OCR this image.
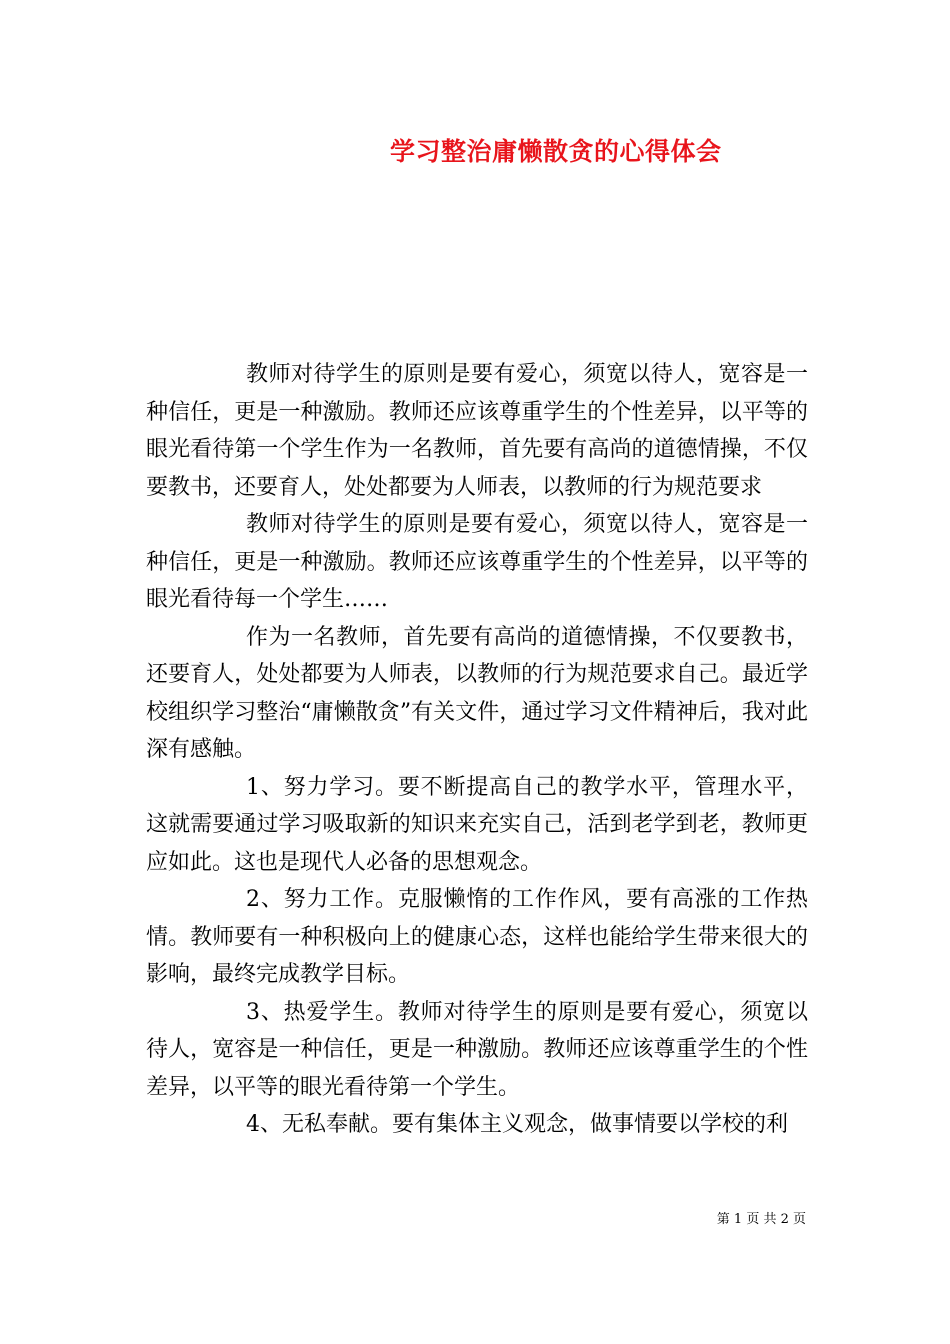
学习整治庸懒散贪的心得体会

教师对待学生的原则是要有爱心，须宽以待人，宽容是一种信任，更是一种激励。教师还应该尊重学生的个性差异，以平等的眼光看待第一个学生作为一名教师，首先要有高尚的道德情操，不仅要教书，还要育人，处处都要为人师表，以教师的行为规范要求

教师对待学生的原则是要有爱心，须宽以待人，宽容是一种信任，更是一种激励。教师还应该尊重学生的个性差异，以平等的眼光看待每一个学生……

作为一名教师，首先要有高尚的道德情操，不仅要教书，还要育人，处处都要为人师表，以教师的行为规范要求自己。最近学校组织学习整治“庸懒散贪”有关文件，通过学习文件精神后，我对此深有感触。

1、努力学习。要不断提高自己的教学水平，管理水平，这就需要通过学习吸取新的知识来充实自己，活到老学到老，教师更应如此。这也是现代人必备的思想观念。

2、努力工作。克服懒惰的工作作风，要有高涨的工作热情。教师要有一种积极向上的健康心态，这样也能给学生带来很大的影响，最终完成教学目标。

3、热爱学生。教师对待学生的原则是要有爱心，须宽以待人，宽容是一种信任，更是一种激励。教师还应该尊重学生的个性差异，以平等的眼光看待第一个学生。

4、无私奉献。要有集体主义观念，做事情要以学校的利

第 1 页 共 2 页
